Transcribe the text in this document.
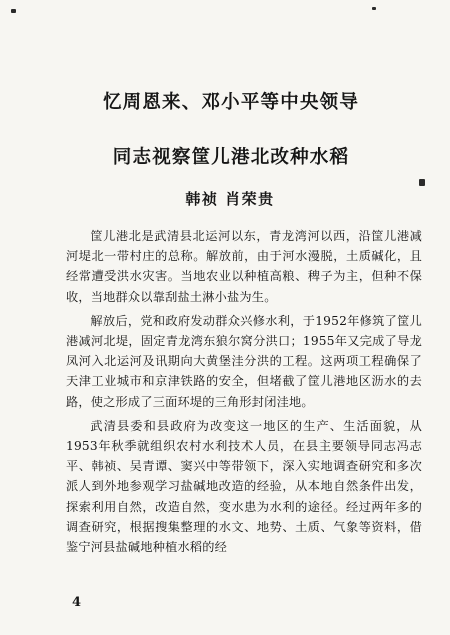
忆周恩来、邓小平等中央领导
同志视察筐儿港北改种水稻
韩祯 肖荣贵

筐儿港北是武清县北运河以东，青龙湾河以西，沿筐儿港减河堤北一带村庄的总称。解放前，由于河水漫脱，土质碱化，且经常遭受洪水灾害。当地农业以种植高粮、稗子为主，但种不保收，当地群众以靠刮盐土淋小盐为生。

解放后，党和政府发动群众兴修水利，于1952年修筑了筐儿港减河北堤，固定青龙湾东狼尔窝分洪口；1955年又完成了导龙凤河入北运河及讯期向大黄堡洼分洪的工程。这两项工程确保了天津工业城市和京津铁路的安全，但堵截了筐儿港地区沥水的去路，使之形成了三面环堤的三角形封闭洼地。

武清县委和县政府为改变这一地区的生产、生活面貌，从1953年秋季就组织农村水利技术人员，在县主要领导同志冯志平、韩祯、吴青谭、窦兴中等带领下，深入实地调查研究和多次派人到外地参观学习盐碱地改造的经验，从本地自然条件出发，探索利用自然，改造自然，变水患为水利的途径。经过两年多的调查研究，根据搜集整理的水文、地势、土质、气象等资料，借鉴宁河县盐碱地种植水稻的经

4
